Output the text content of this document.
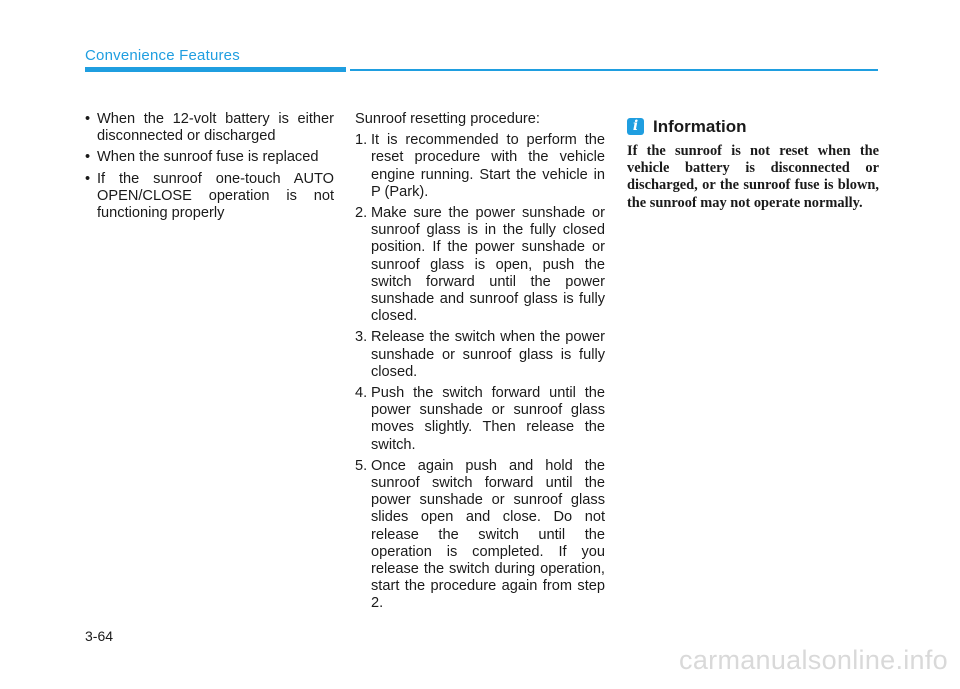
Convenience Features
• When the 12-volt battery is either disconnected or discharged
• When the sunroof fuse is replaced
• If the sunroof one-touch AUTO OPEN/CLOSE operation is not functioning properly

Sunroof resetting procedure:

1. It is recommended to perform the reset procedure with the vehicle engine running. Start the vehicle in P (Park).
2. Make sure the power sunshade or sunroof glass is in the fully closed position. If the power sunshade or sunroof glass is open, push the switch forward until the power sunshade and sunroof glass is fully closed.
3. Release the switch when the power sunshade or sunroof glass is fully closed.
4. Push the switch forward until the power sunshade or sunroof glass moves slightly. Then release the switch.
5. Once again push and hold the sunroof switch forward until the power sunshade or sunroof glass slides open and close. Do not release the switch until the operation is completed. If you release the switch during operation, start the procedure again from step 2.
i Information
If the sunroof is not reset when the vehicle battery is disconnected or discharged, or the sunroof fuse is blown, the sunroof may not operate normally.
3-64
carmanualsonline.info
